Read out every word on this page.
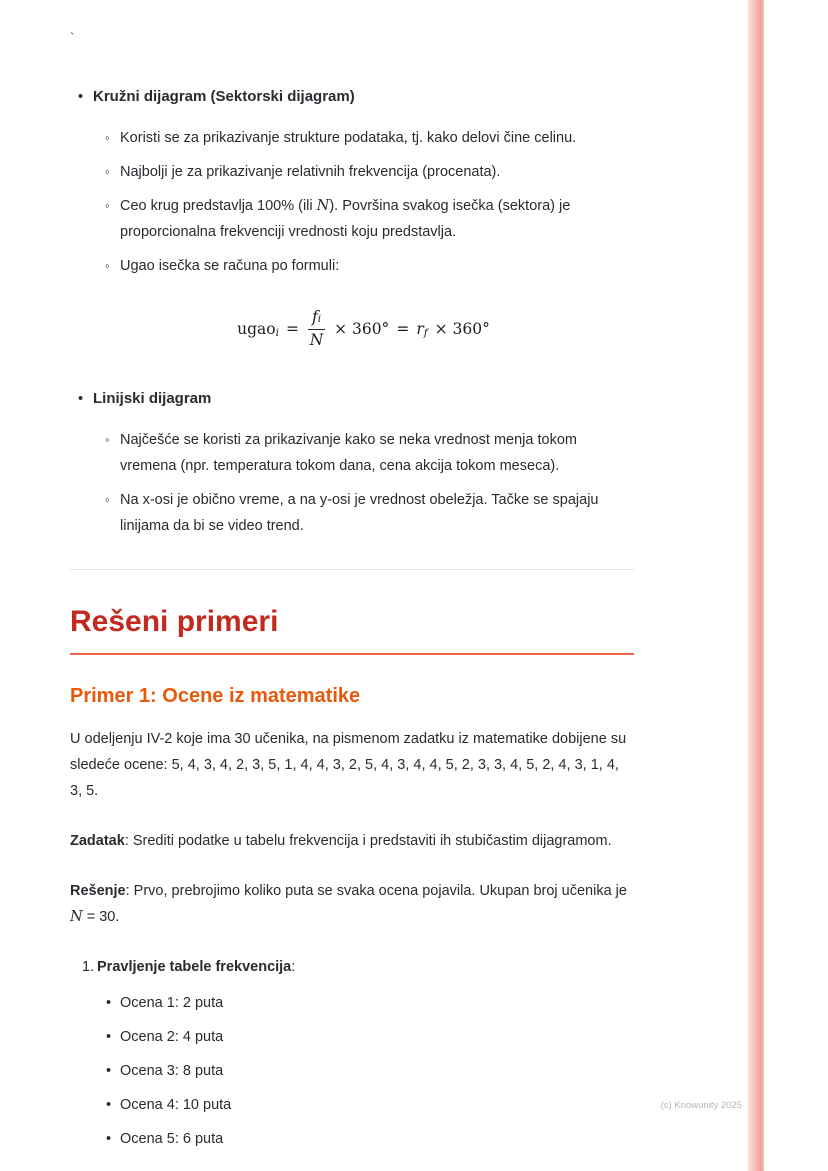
`
• Kružni dijagram (Sektorski dijagram)
◦ Koristi se za prikazivanje strukture podataka, tj. kako delovi čine celinu.
◦ Najbolji je za prikazivanje relativnih frekvencija (procenata).
◦ Ceo krug predstavlja 100% (ili N). Površina svakog isečka (sektora) je proporcionalna frekvenciji vrednosti koju predstavlja.
◦ Ugao isečka se računa po formuli:
ugao$_i$ = $\frac{f_i}{N} \times 360^\circ = r_f \times 360^\circ$
• Linijski dijagram
◦ Najčešće se koristi za prikazivanje kako se neka vrednost menja tokom vremena (npr. temperatura tokom dana, cena akcija tokom meseca).
◦ Na x-osi je obično vreme, a na y-osi je vrednost obeležja. Tačke se spajaju linijama da bi se video trend.
Rešeni primeri
Primer 1: Ocene iz matematike

U odeljenju IV-2 koje ima 30 učenika, na pismenom zadatku iz matematike dobijene su sledeće ocene: 5, 4, 3, 4, 2, 3, 5, 1, 4, 4, 3, 2, 5, 4, 3, 4, 4, 5, 2, 3, 3, 4, 5, 2, 4, 3, 1, 4, 3, 5.

Zadatak: Srediti podatke u tabelu frekvencija i predstaviti ih stubičastim dijagramom.

Rešenje: Prvo, prebrojimo koliko puta se svaka ocena pojavila. Ukupan broj učenika je N = 30.

1. Pravljenje tabele frekvencija:
• Ocena 1: 2 puta
• Ocena 2: 4 puta
• Ocena 3: 8 puta
• Ocena 4: 10 puta
• Ocena 5: 6 puta
(c) Knowunity 2025
